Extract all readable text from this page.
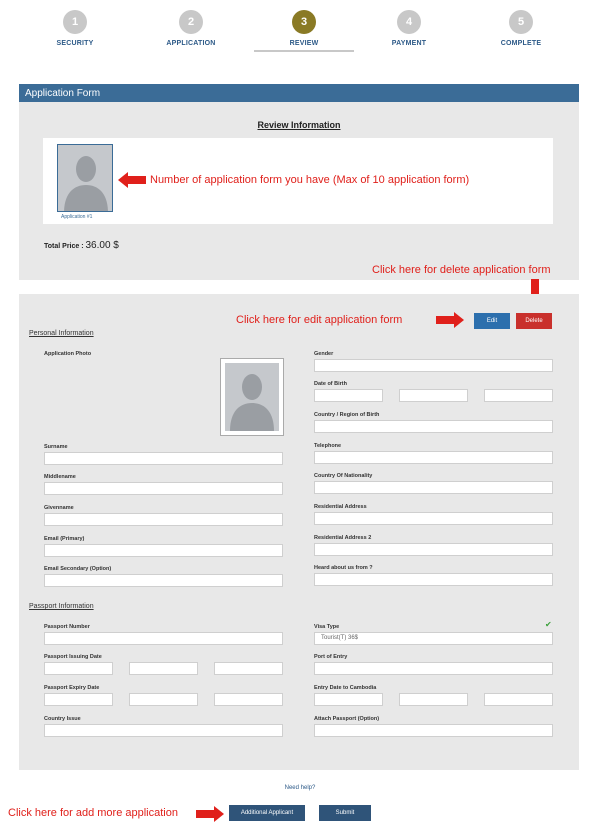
1
SECURITY
2
APPLICATION
3
REVIEW
4
PAYMENT
5
COMPLETE
Application Form
Review Information
Application #1
Total Price : 36.00 $
Number of application form you have (Max of 10 application form)
Click here for delete application form
Click here for edit application form	Edit	Delete
Personal Information
Application Photo
Surname
Middlename
Givenname
Email (Primary)
Email Secondary (Option)
Gender
Date of Birth
Country / Region of Birth
Telephone
Country Of Nationality
Residential Address
Residential Address 2
Heard about us from ?
Passport Information
Passport Number
Passport Issuing Date
Passport Expiry Date
Country Issue
Visa Type	✔
Tourist(T) 36$
Port of Entry
Entry Date to Cambodia
Attach Passport (Option)
Need help?
Click here for add more application	Additional Applicant	Submit
